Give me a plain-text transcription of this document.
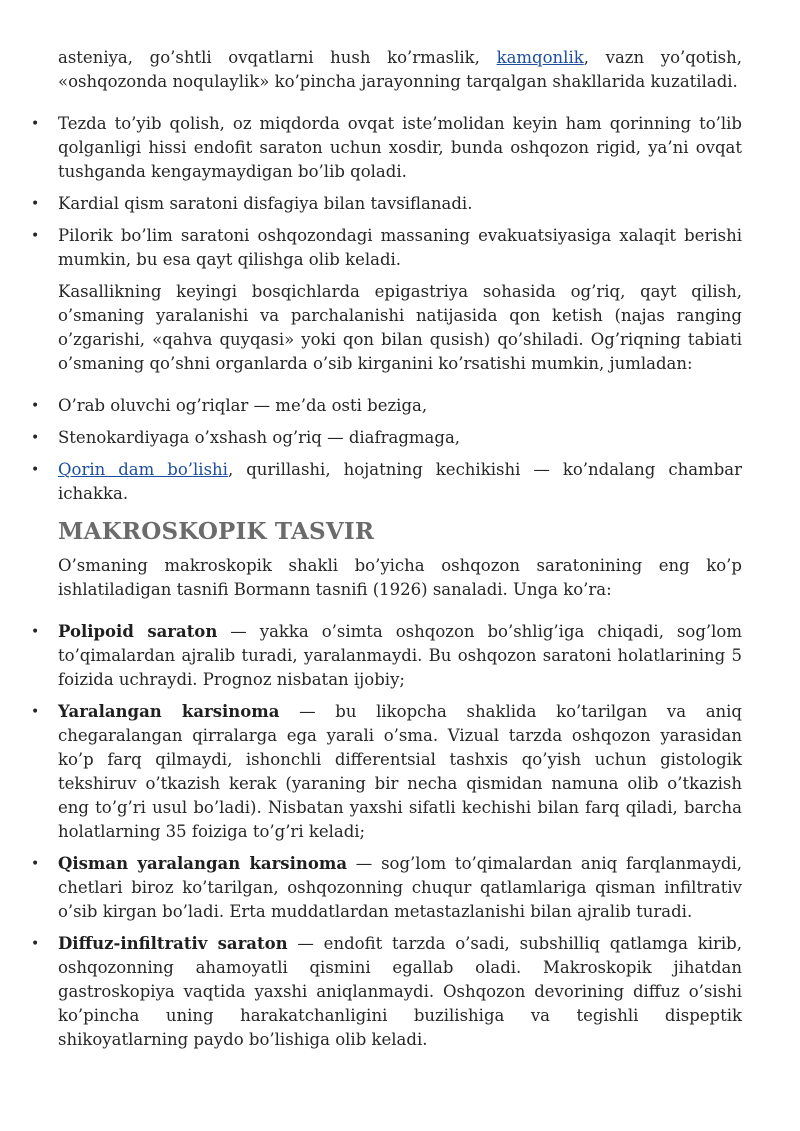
asteniya, go’shtli ovqatlarni hush ko’rmaslik, kamqonlik, vazn yo’qotish, «oshqozonda noqulaylik» ko’pincha jarayonning tarqalgan shakllarida kuzatiladi.

• Tezda to’yib qolish, oz miqdorda ovqat iste’molidan keyin ham qorinning to’lib qolganligi hissi endofit saraton uchun xosdir, bunda oshqozon rigid, ya’ni ovqat tushganda kengaymaydigan bo’lib qoladi.
• Kardial qism saratoni disfagiya bilan tavsiflanadi.
• Pilorik bo’lim saratoni oshqozondagi massaning evakuatsiyasiga xalaqit berishi mumkin, bu esa qayt qilishga olib keladi.

Kasallikning keyingi bosqichlarda epigastriya sohasida og’riq, qayt qilish, o’smaning yaralanishi va parchalanishi natijasida qon ketish (najas ranging o’zgarishi, «qahva quyqasi» yoki qon bilan qusish) qo’shiladi. Og’riqning tabiati o’smaning qo’shni organlarda o’sib kirganini ko’rsatishi mumkin, jumladan:

• O’rab oluvchi og’riqlar — me’da osti beziga,
• Stenokardiyaga o’xshash og’riq — diafragmaga,
• Qorin dam bo’lishi, qurillashi, hojatning kechikishi — ko’ndalang chambar ichakka.
MAKROSKOPIK TASVIR

O’smaning makroskopik shakli bo’yicha oshqozon saratonining eng ko’p ishlatiladigan tasnifi Bormann tasnifi (1926) sanaladi. Unga ko’ra:

• Polipoid saraton — yakka o’simta oshqozon bo’shlig’iga chiqadi, sog’lom to’qimalardan ajralib turadi, yaralanmaydi. Bu oshqozon saratoni holatlarining 5 foizida uchraydi. Prognoz nisbatan ijobiy;
• Yaralangan karsinoma — bu likopcha shaklida ko’tarilgan va aniq chegaralangan qirralarga ega yarali o’sma. Vizual tarzda oshqozon yarasidan ko’p farq qilmaydi, ishonchli differentsial tashxis qo’yish uchun gistologik tekshiruv o’tkazish kerak (yaraning bir necha qismidan namuna olib o’tkazish eng to’g’ri usul bo’ladi). Nisbatan yaxshi sifatli kechishi bilan farq qiladi, barcha holatlarning 35 foiziga to’g’ri keladi;
• Qisman yaralangan karsinoma — sog’lom to’qimalardan aniq farqlanmaydi, chetlari biroz ko’tarilgan, oshqozonning chuqur qatlamlariga qisman infiltrativ o’sib kirgan bo’ladi. Erta muddatlardan metastazlanishi bilan ajralib turadi.
• Diffuz-infiltrativ saraton — endofit tarzda o’sadi, subshilliq qatlamga kirib, oshqozonning ahamoyatli qismini egallab oladi. Makroskopik jihatdan gastroskopiya vaqtida yaxshi aniqlanmaydi. Oshqozon devorining diffuz o’sishi ko’pincha uning harakatchanligini buzilishiga va tegishli dispeptik shikoyatlarning paydo bo’lishiga olib keladi.
